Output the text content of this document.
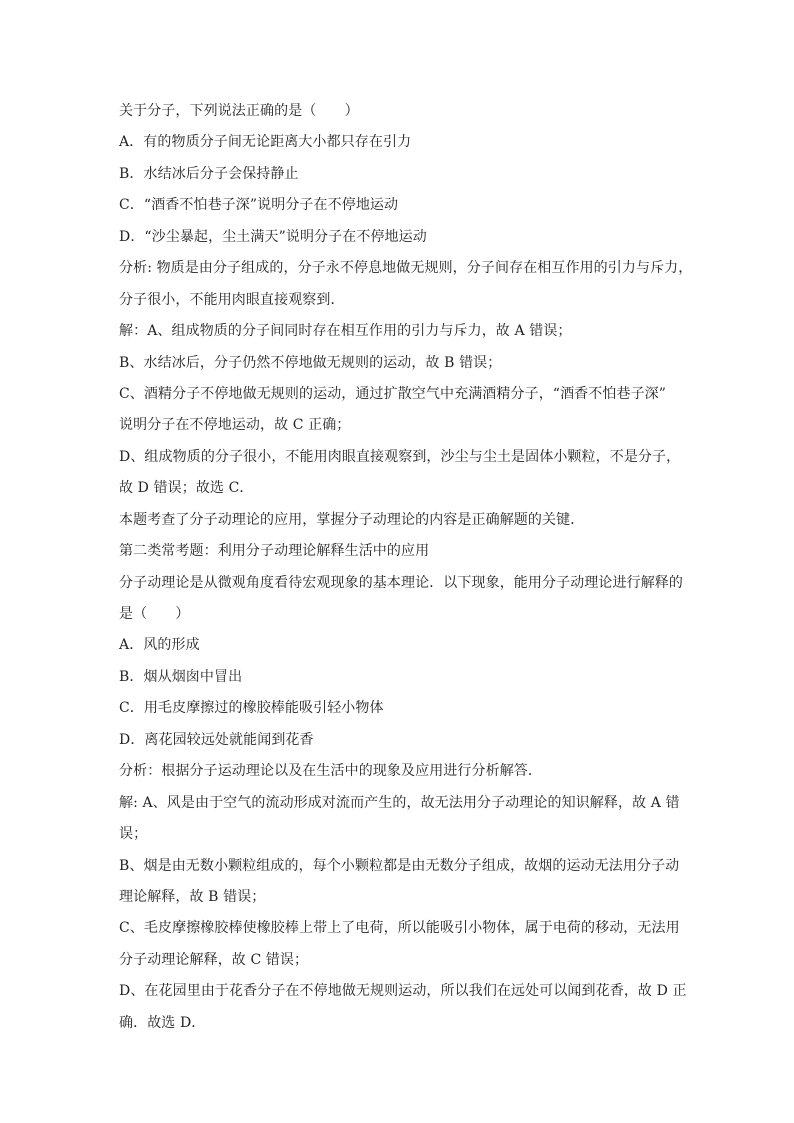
关于分子，下列说法正确的是（　　）
A．有的物质分子间无论距离大小都只存在引力
B．水结冰后分子会保持静止
C．“酒香不怕巷子深”说明分子在不停地运动
D．“沙尘暴起，尘土满天”说明分子在不停地运动
分析: 物质是由分子组成的，分子永不停息地做无规则，分子间存在相互作用的引力与斥力，
分子很小，不能用肉眼直接观察到．
解：A、组成物质的分子间同时存在相互作用的引力与斥力，故 A 错误；
B、水结冰后，分子仍然不停地做无规则的运动，故 B 错误；
C、酒精分子不停地做无规则的运动，通过扩散空气中充满酒精分子，“酒香不怕巷子深”
说明分子在不停地运动，故 C 正确；
D、组成物质的分子很小，不能用肉眼直接观察到，沙尘与尘土是固体小颗粒，不是分子，
故 D 错误；故选 C．
本题考查了分子动理论的应用，掌握分子动理论的内容是正确解题的关键．
第二类常考题：利用分子动理论解释生活中的应用
分子动理论是从微观角度看待宏观现象的基本理论．以下现象，能用分子动理论进行解释的
是（　　）
A．风的形成
B．烟从烟囱中冒出
C．用毛皮摩擦过的橡胶棒能吸引轻小物体
D．离花园较远处就能闻到花香
分析：根据分子运动理论以及在生活中的现象及应用进行分析解答．
解: A、风是由于空气的流动形成对流而产生的，故无法用分子动理论的知识解释，故 A 错
误；
B、烟是由无数小颗粒组成的，每个小颗粒都是由无数分子组成，故烟的运动无法用分子动
理论解释，故 B 错误；
C、毛皮摩擦橡胶棒使橡胶棒上带上了电荷，所以能吸引小物体，属于电荷的移动，无法用
分子动理论解释，故 C 错误；
D、在花园里由于花香分子在不停地做无规则运动，所以我们在远处可以闻到花香，故 D 正
确．故选 D．
